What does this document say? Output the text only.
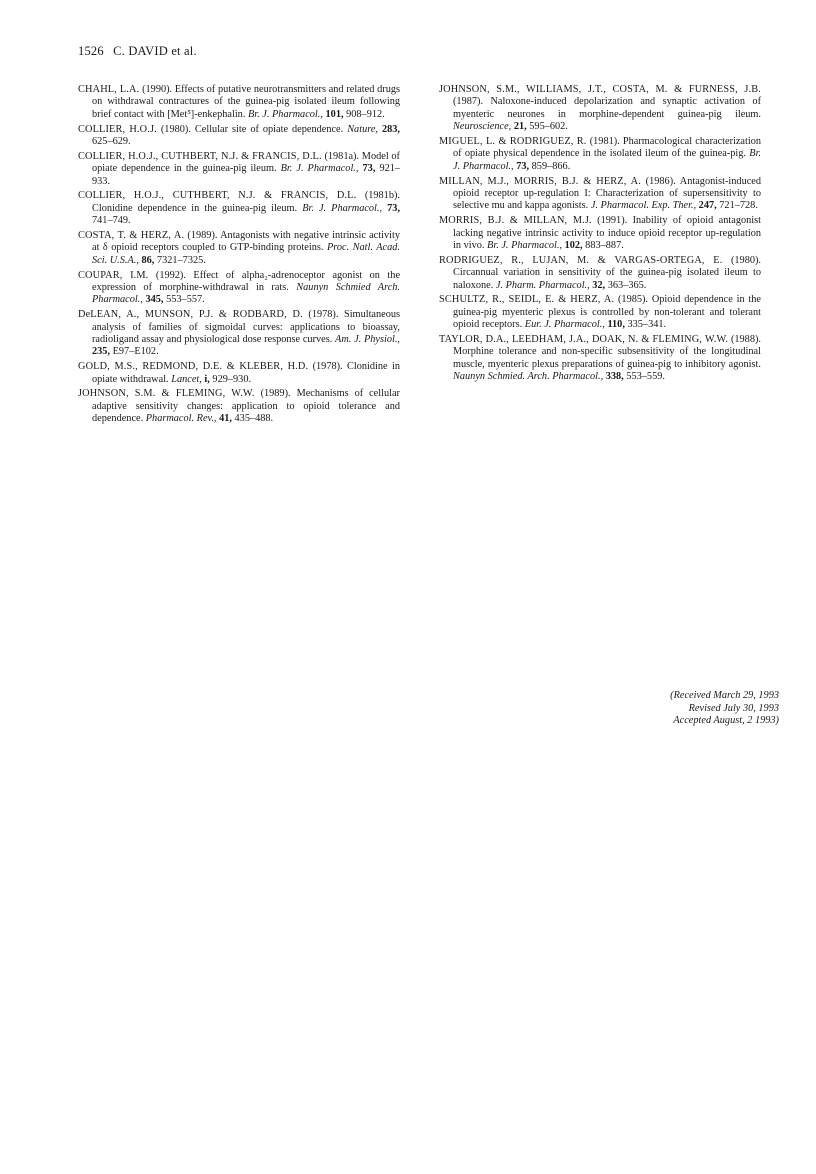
1526 C. DAVID et al.

CHAHL, L.A. (1990). Effects of putative neurotransmitters and related drugs on withdrawal contractures of the guinea-pig isolated ileum following brief contact with [Met⁵]-enkephalin. Br. J. Pharmacol., 101, 908–912.

COLLIER, H.O.J. (1980). Cellular site of opiate dependence. Nature, 283, 625–629.

COLLIER, H.O.J., CUTHBERT, N.J. & FRANCIS, D.L. (1981a). Model of opiate dependence in the guinea-pig ileum. Br. J. Pharmacol., 73, 921–933.

COLLIER, H.O.J., CUTHBERT, N.J. & FRANCIS, D.L. (1981b). Clonidine dependence in the guinea-pig ileum. Br. J. Pharmacol., 73, 741–749.

COSTA, T. & HERZ, A. (1989). Antagonists with negative intrinsic activity at δ opioid receptors coupled to GTP-binding proteins. Proc. Natl. Acad. Sci. U.S.A., 86, 7321–7325.

COUPAR, I.M. (1992). Effect of alpha₂-adrenoceptor agonist on the expression of morphine-withdrawal in rats. Naunyn Schmied Arch. Pharmacol., 345, 553–557.

DeLEAN, A., MUNSON, P.J. & RODBARD, D. (1978). Simultaneous analysis of families of sigmoidal curves: applications to bioassay, radioligand assay and physiological dose response curves. Am. J. Physiol., 235, E97–E102.

GOLD, M.S., REDMOND, D.E. & KLEBER, H.D. (1978). Clonidine in opiate withdrawal. Lancet, i, 929–930.

JOHNSON, S.M. & FLEMING, W.W. (1989). Mechanisms of cellular adaptive sensitivity changes: application to opioid tolerance and dependence. Pharmacol. Rev., 41, 435–488.

JOHNSON, S.M., WILLIAMS, J.T., COSTA, M. & FURNESS, J.B. (1987). Naloxone-induced depolarization and synaptic activation of myenteric neurones in morphine-dependent guinea-pig ileum. Neuroscience, 21, 595–602.

MIGUEL, L. & RODRIGUEZ, R. (1981). Pharmacological characterization of opiate physical dependence in the isolated ileum of the guinea-pig. Br. J. Pharmacol., 73, 859–866.

MILLAN, M.J., MORRIS, B.J. & HERZ, A. (1986). Antagonist-induced opioid receptor up-regulation I: Characterization of supersensitivity to selective mu and kappa agonists. J. Pharmacol. Exp. Ther., 247, 721–728.

MORRIS, B.J. & MILLAN, M.J. (1991). Inability of opioid antagonist lacking negative intrinsic activity to induce opioid receptor up-regulation in vivo. Br. J. Pharmacol., 102, 883–887.

RODRIGUEZ, R., LUJAN, M. & VARGAS-ORTEGA, E. (1980). Circannual variation in sensitivity of the guinea-pig isolated ileum to naloxone. J. Pharm. Pharmacol., 32, 363–365.

SCHULTZ, R., SEIDL, E. & HERZ, A. (1985). Opioid dependence in the guinea-pig myenteric plexus is controlled by non-tolerant and tolerant opioid receptors. Eur. J. Pharmacol., 110, 335–341.

TAYLOR, D.A., LEEDHAM, J.A., DOAK, N. & FLEMING, W.W. (1988). Morphine tolerance and non-specific subsensitivity of the longitudinal muscle, myenteric plexus preparations of guinea-pig to inhibitory agonist. Naunyn Schmied. Arch. Pharmacol., 338, 553–559.

(Received March 29, 1993
Revised July 30, 1993
Accepted August, 2 1993)
